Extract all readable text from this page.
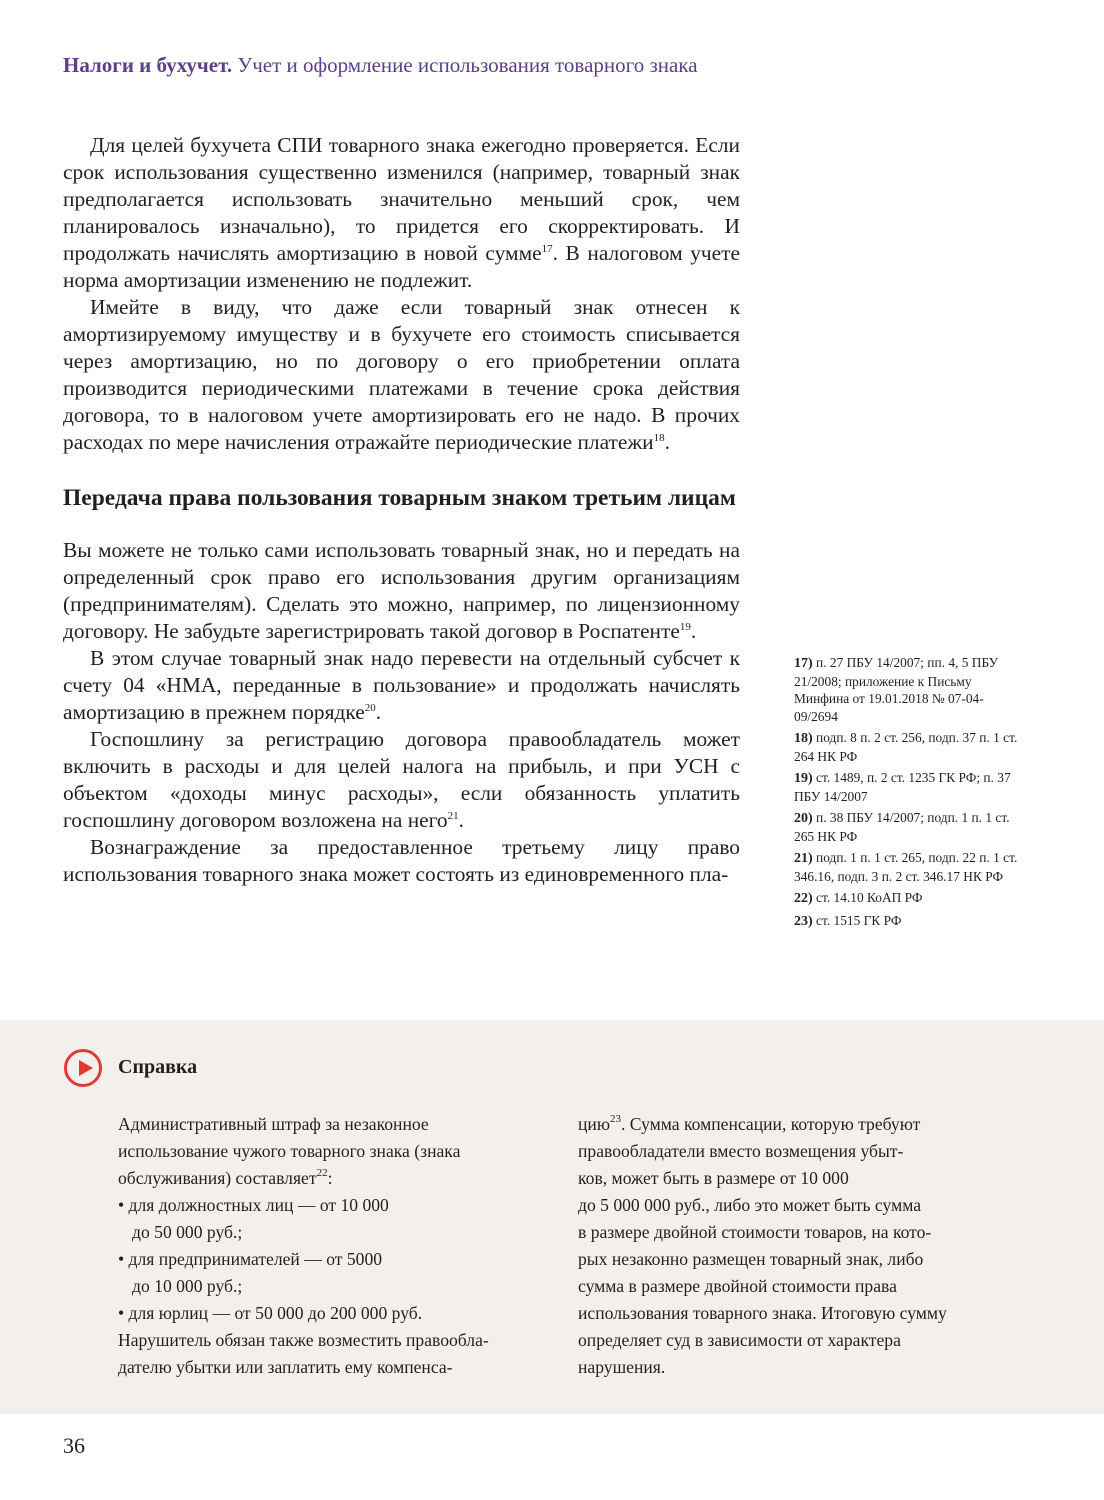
Налоги и бухучет. Учет и оформление использования товарного знака

Для целей бухучета СПИ товарного знака ежегодно проверяется. Если срок использования существенно изменился (например, товарный знак предполагается использовать значительно меньший срок, чем планировалось изначально), то придется его скорректировать. И продолжать начислять амортизацию в новой сумме$^{17}$. В налоговом учете норма амортизации изменению не подлежит.

Имейте в виду, что даже если товарный знак отнесен к амортизируемому имуществу и в бухучете его стоимость списывается через амортизацию, но по договору о его приобретении оплата производится периодическими платежами в течение срока действия договора, то в налоговом учете амортизировать его не надо. В прочих расходах по мере начисления отражайте периодические платежи$^{18}$.

Передача права пользования товарным знаком третьим лицам

Вы можете не только сами использовать товарный знак, но и передать на определенный срок право его использования другим организациям (предпринимателям). Сделать это можно, например, по лицензионному договору. Не забудьте зарегистрировать такой договор в Роспатенте$^{19}$.

В этом случае товарный знак надо перевести на отдельный субсчет к счету 04 «НМА, переданные в пользование» и продолжать начислять амортизацию в прежнем порядке$^{20}$.

Госпошлину за регистрацию договора правообладатель может включить в расходы и для целей налога на прибыль, и при УСН с объектом «доходы минус расходы», если обязанность уплатить госпошлину договором возложена на него$^{21}$.

Вознаграждение за предоставленное третьему лицу право использования товарного знака может состоять из единовременного пла-

17) п. 27 ПБУ 14/2007; пп. 4, 5 ПБУ 21/2008; приложение к Письму Минфина от 19.01.2018 № 07-04-09/2694
18) подп. 8 п. 2 ст. 256, подп. 37 п. 1 ст. 264 НК РФ
19) ст. 1489, п. 2 ст. 1235 ГК РФ; п. 37 ПБУ 14/2007
20) п. 38 ПБУ 14/2007; подп. 1 п. 1 ст. 265 НК РФ
21) подп. 1 п. 1 ст. 265, подп. 22 п. 1 ст. 346.16, подп. 3 п. 2 ст. 346.17 НК РФ
22) ст. 14.10 КоАП РФ
23) ст. 1515 ГК РФ
Справка
Административный штраф за незаконное
использование чужого товарного знака (знака
обслуживания) составляет$^{22}$:
• для должностных лиц — от 10 000
до 50 000 руб.;
• для предпринимателей — от 5000
до 10 000 руб.;
• для юрлиц — от 50 000 до 200 000 руб.
Нарушитель обязан также возместить правообла-
дателю убытки или заплатить ему компенса-
цию$^{23}$. Сумма компенсации, которую требуют
правообладатели вместо возмещения убыт-
ков, может быть в размере от 10 000
до 5 000 000 руб., либо это может быть сумма
в размере двойной стоимости товаров, на кото-
рых незаконно размещен товарный знак, либо
сумма в размере двойной стоимости права
использования товарного знака. Итоговую сумму
определяет суд в зависимости от характера
нарушения.
36
